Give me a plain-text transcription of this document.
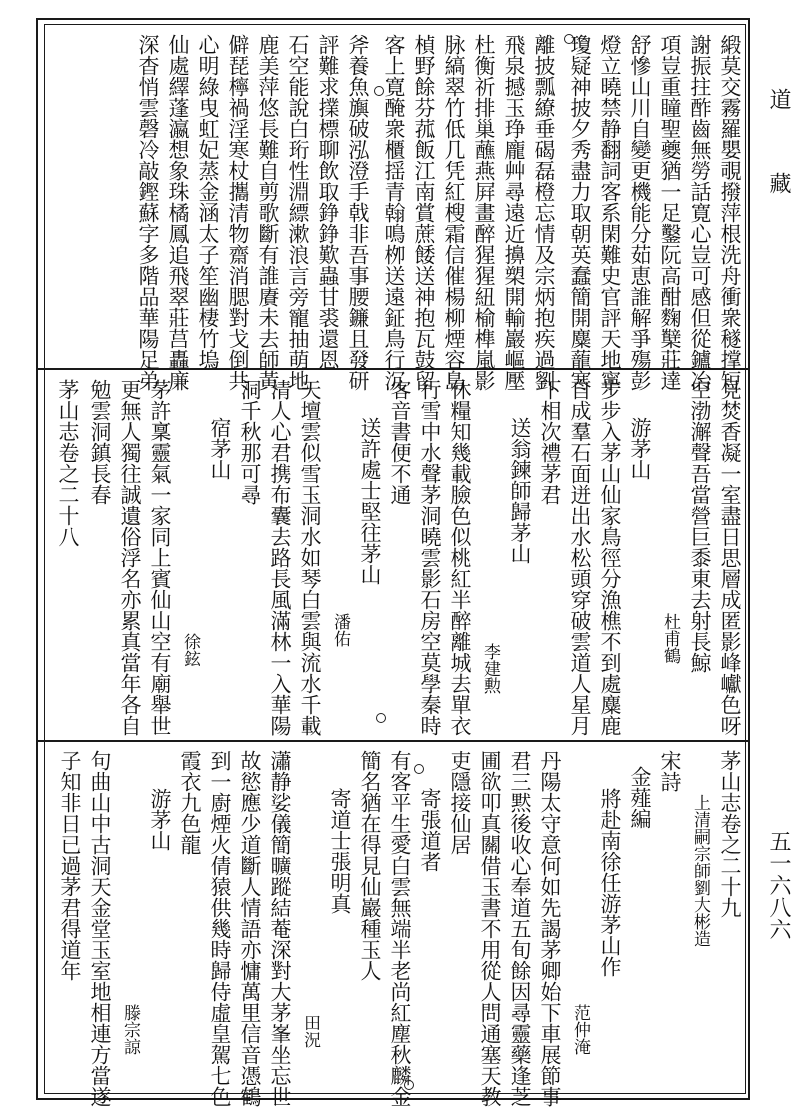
道
藏
五一六八六
緞莫交霧羅嬰覗撥萍根洗舟衝衆穟撑短
謝振拄酢齒無勞話寛心豈可感但從鑪冶
項豈重瞳聖夔猶一足鑿阮高酣麴櫱莊達
舒慘山川自變更機能分茹恵誰解爭殤彭
燈立曉禁静翻詞客系閑難史官評天地寧
瓊疑神披夕秀盡力取朝英蠢簡開麋蘢寒
離披瓢繚垂碣磊橙忘情及宗炳抱疾過劉
飛泉撼玉琤龐艸尋遠近擤槊開輸巖嶇壓
杜衡祈排巢蘸燕屛畫醉猩猩紐榆榫嵐影
脉縞翠竹低几凭紅㮴霜信催楊柳煙容島
楨野餘芬菰飯江南賞蔗餧送神抱瓦鼓留
客上寛醃衆櫃揺青翰鳴栁送遠鉦鳥行沉
斧養魚旟破泓澄手戟非吾事腰鐮且發研
評難求擈標聊飲取錚錚歎蟲甘裘還恩
石空能說白珩性淵縹漱浪言旁寵抽萌地
鹿美萍悠長難自剪歌斷有誰賡未去師黃
僻琵檸禍淫寒杖攜清物齋消腮對戈倒共
心明綠曳虹妃蒸金涵太子笙幽棲竹塢
仙處繹蓬瀛想象珠橘鳳追飛翠莊莒轟廉
深杳悄雲磬冷敲鏗蘇字多階品華陽足弟
見焚香凝一室盡日思層成匿影峰巘色呀
空渤澥聲吾當營巨黍東去射長鯨
杜甫鶴
游茅山
步步入茅山仙家鳥徑分漁樵不到處麋鹿
自成羣石面迸出水松頭穿破雲道人星月
下相次禮茅君
送翁鍊師歸茅山
李建勲
休糧知幾載臉色似桃紅半醉離城去單衣
行雪中水聲茅洞曉雲影石房空莫學秦時
客音書便不通
送許處士堅往茅山
潘佑
天壇雲似雪玉洞水如琴白雲與流水千載
清人心君携布囊去路長風滿林一入華陽
洞千秋那可尋
宿茅山
徐鉉
茅許稟靈氣一家同上賓仙山空有廟舉世
更無人獨往誠遺俗浮名亦累真當年各自
勉雲洞鎮長春
茅山志卷之二十八
茅山志卷之二十九
上清嗣宗師劉大彬造
宋詩
金薤編
將赴南徐任游茅山作
范仲淹
丹陽太守意何如先謁茅卿始下車展節事
君三黙後收心奉道五旬餘因尋靈藥逢芝
圃欲叩真關借玉書不用從人問通塞天教
吏隱接仙居
寄張道者
有客平生愛白雲無端半老尚紅塵秋麟金
簡名猶在得見仙巖種玉人
寄道士張明真
田況
瀟静娑儀簡曠蹤結菴深對大茅峯坐忘世
故慾應少道斷人情語亦慵萬里信音憑鶴
到一廚煙火倩猿供幾時歸侍虛皇駕七色
霞衣九色龍
游茅山
滕宗諒
句曲山中古洞天金堂玉室地相連方當遂
子知非日已過茅君得道年
